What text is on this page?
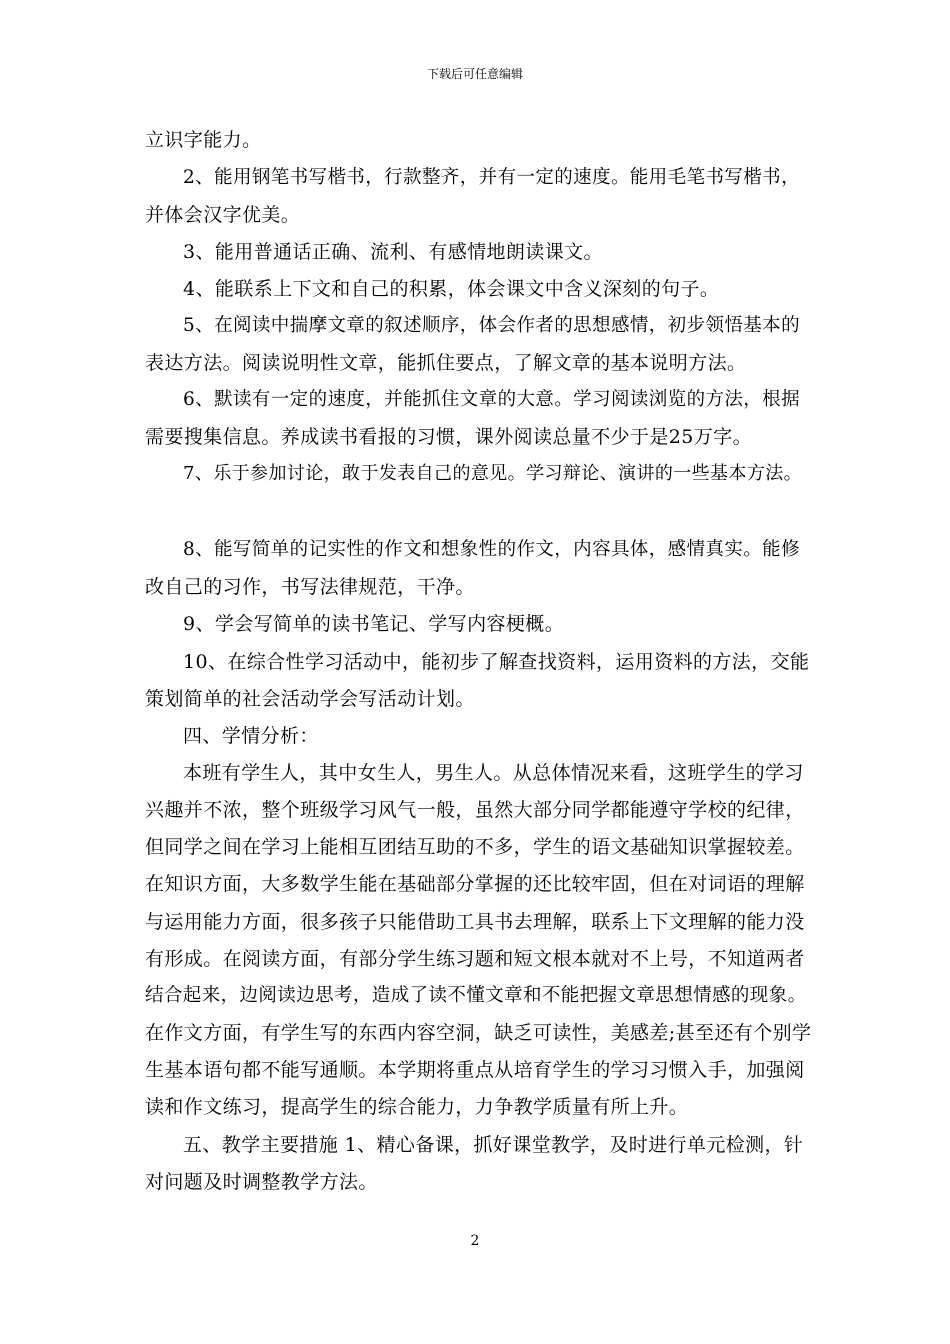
下载后可任意编辑
立识字能力。
2、能用钢笔书写楷书，行款整齐，并有一定的速度。能用毛笔书写楷书，
并体会汉字优美。
3、能用普通话正确、流利、有感情地朗读课文。
4、能联系上下文和自己的积累，体会课文中含义深刻的句子。
5、在阅读中揣摩文章的叙述顺序，体会作者的思想感情，初步领悟基本的
表达方法。阅读说明性文章，能抓住要点，了解文章的基本说明方法。
6、默读有一定的速度，并能抓住文章的大意。学习阅读浏览的方法，根据
需要搜集信息。养成读书看报的习惯，课外阅读总量不少于是25万字。
7、乐于参加讨论，敢于发表自己的意见。学习辩论、演讲的一些基本方法。
8、能写简单的记实性的作文和想象性的作文，内容具体，感情真实。能修
改自己的习作，书写法律规范，干净。
9、学会写简单的读书笔记、学写内容梗概。
10、在综合性学习活动中，能初步了解查找资料，运用资料的方法，交能
策划简单的社会活动学会写活动计划。
四、学情分析：
本班有学生人，其中女生人，男生人。从总体情况来看，这班学生的学习
兴趣并不浓，整个班级学习风气一般，虽然大部分同学都能遵守学校的纪律，
但同学之间在学习上能相互团结互助的不多，学生的语文基础知识掌握较差。
在知识方面，大多数学生能在基础部分掌握的还比较牢固，但在对词语的理解
与运用能力方面，很多孩子只能借助工具书去理解，联系上下文理解的能力没
有形成。在阅读方面，有部分学生练习题和短文根本就对不上号，不知道两者
结合起来，边阅读边思考，造成了读不懂文章和不能把握文章思想情感的现象。
在作文方面，有学生写的东西内容空洞，缺乏可读性，美感差;甚至还有个别学
生基本语句都不能写通顺。本学期将重点从培育学生的学习习惯入手，加强阅
读和作文练习，提高学生的综合能力，力争教学质量有所上升。
五、教学主要措施 1、精心备课，抓好课堂教学，及时进行单元检测，针
对问题及时调整教学方法。
2
